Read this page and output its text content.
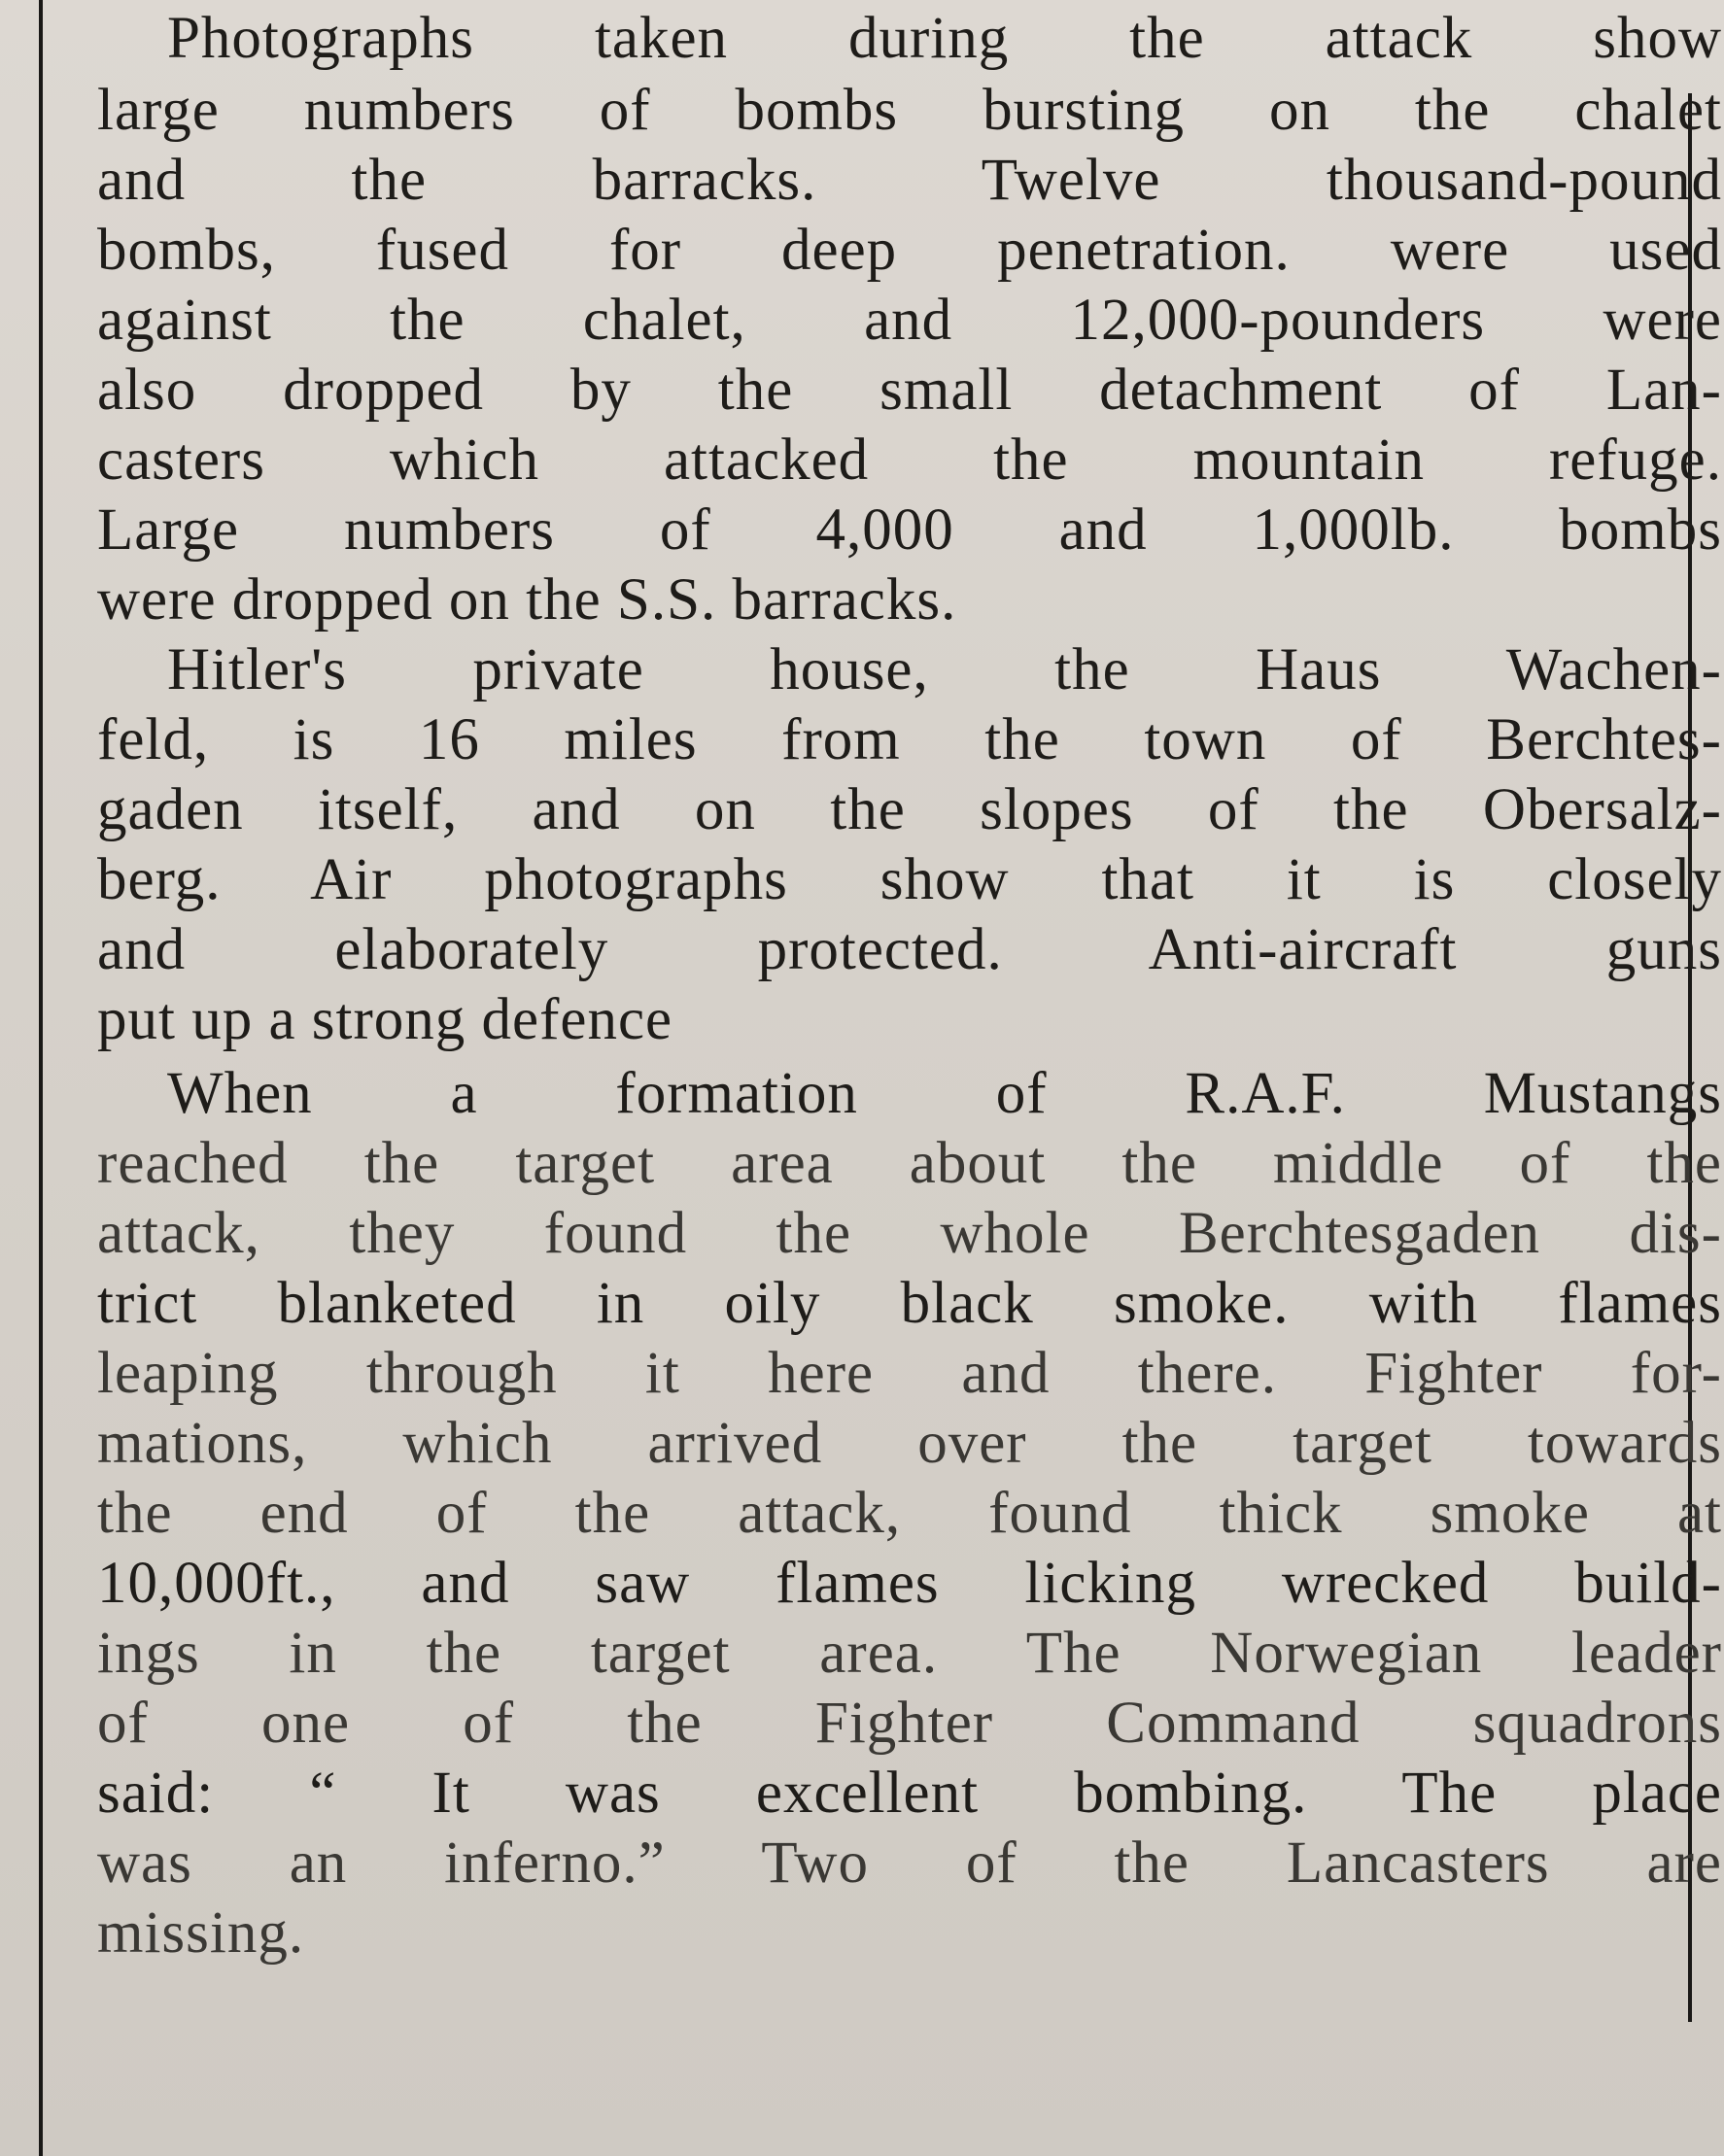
Photographs taken during the attack show
large numbers of bombs bursting on the chalet
and the barracks. Twelve thousand-pound
bombs, fused for deep penetration. were used
against the chalet, and 12,000-pounders were
also dropped by the small detachment of Lan-
casters which attacked the mountain refuge.
Large numbers of 4,000 and 1,000lb. bombs
were dropped on the S.S. barracks.
Hitler's private house, the Haus Wachen-
feld, is 16 miles from the town of Berchtes-
gaden itself, and on the slopes of the Obersalz-
berg. Air photographs show that it is closely
and elaborately protected. Anti-aircraft guns
put up a strong defence
When a formation of R.A.F. Mustangs
reached the target area about the middle of the
attack, they found the whole Berchtesgaden dis-
trict blanketed in oily black smoke. with flames
leaping through it here and there. Fighter for-
mations, which arrived over the target towards
the end of the attack, found thick smoke at
10,000ft., and saw flames licking wrecked build-
ings in the target area. The Norwegian leader
of one of the Fighter Command squadrons
said: “ It was excellent bombing. The place
was an inferno.” Two of the Lancasters are
missing.
